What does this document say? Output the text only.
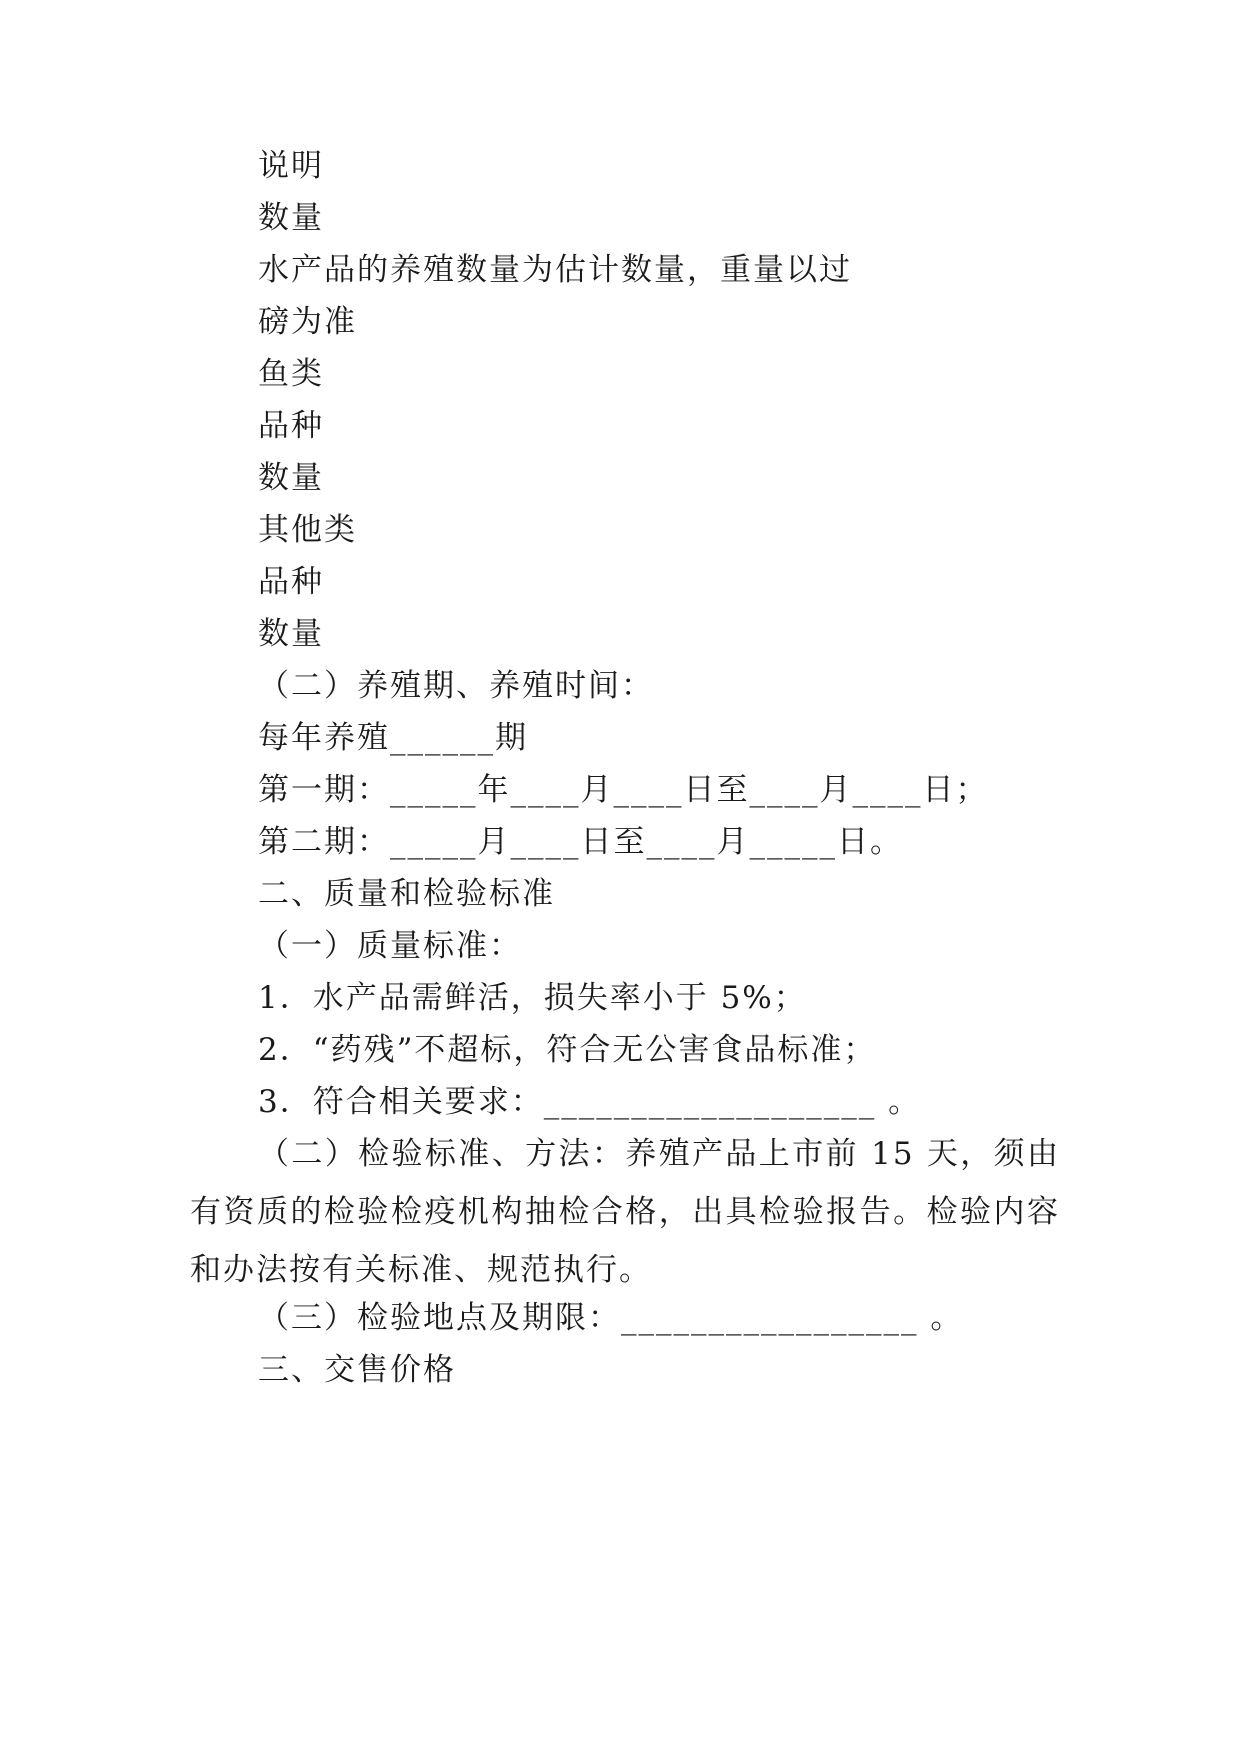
说明
数量
水产品的养殖数量为估计数量，重量以过
磅为准
鱼类
品种
数量
其他类
品种
数量
（二）养殖期、养殖时间：
每年养殖______期
第一期：_____年____月____日至____月____日；
第二期：_____月____日至____月_____日。
二、质量和检验标准
（一）质量标准：
1．水产品需鲜活，损失率小于 5%；
2．“药残”不超标，符合无公害食品标准；
3．符合相关要求：___________________ 。
（二）检验标准、方法：养殖产品上市前 15 天，须由有资质的检验检疫机构抽检合格，出具检验报告。检验内容和办法按有关标准、规范执行。
（三）检验地点及期限：_________________ 。
三、交售价格
